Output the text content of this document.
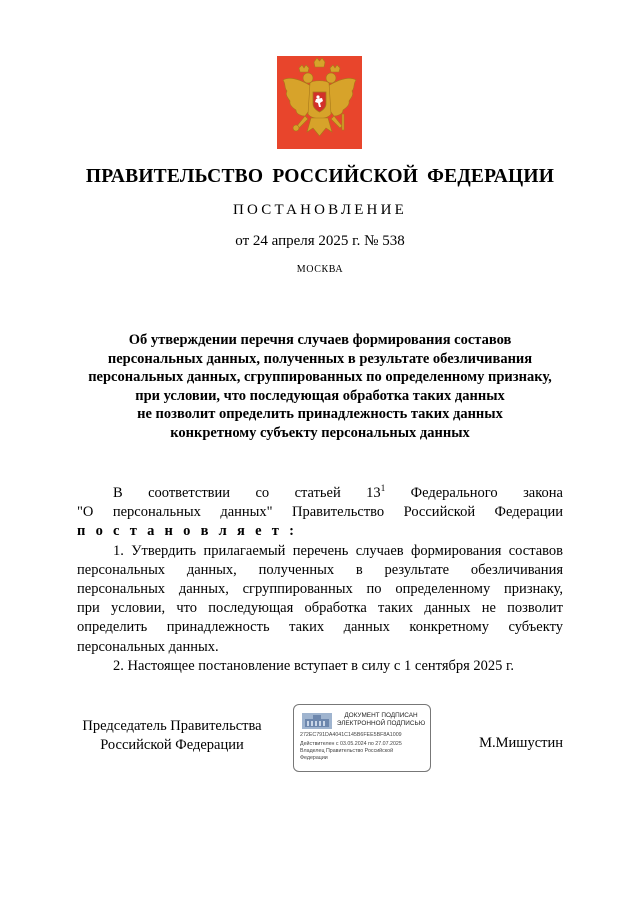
ПРАВИТЕЛЬСТВО РОССИЙСКОЙ ФЕДЕРАЦИИ
ПОСТАНОВЛЕНИЕ
от 24 апреля 2025 г. № 538
МОСКВА
Об утверждении перечня случаев формирования составов
персональных данных, полученных в результате обезличивания
персональных данных, сгруппированных по определенному признаку,
при условии, что последующая обработка таких данных
не позволит определить принадлежность таких данных
конкретному субъекту персональных данных
В соответствии со статьей $13^1$ Федерального закона
"О персональных данных" Правительство Российской Федерации
п о с т а н о в л я е т :
1. Утвердить прилагаемый перечень случаев формирования составов
персональных данных, полученных в результате обезличивания
персональных данных, сгруппированных по определенному признаку,
при условии, что последующая обработка таких данных не позволит
определить принадлежность таких данных конкретному субъекту
персональных данных.
2. Настоящее постановление вступает в силу с 1 сентября 2025 г.
Председатель Правительства
Российской Федерации
ДОКУМЕНТ ПОДПИСАН
ЭЛЕКТРОННОЙ ПОДПИСЬЮ
272EC791DA4041C145B6FEE5BF8A1009
Действителен с 03.05.2024 по 27.07.2025
Владелец Правительство Российской
Федерации
М.Мишустин
